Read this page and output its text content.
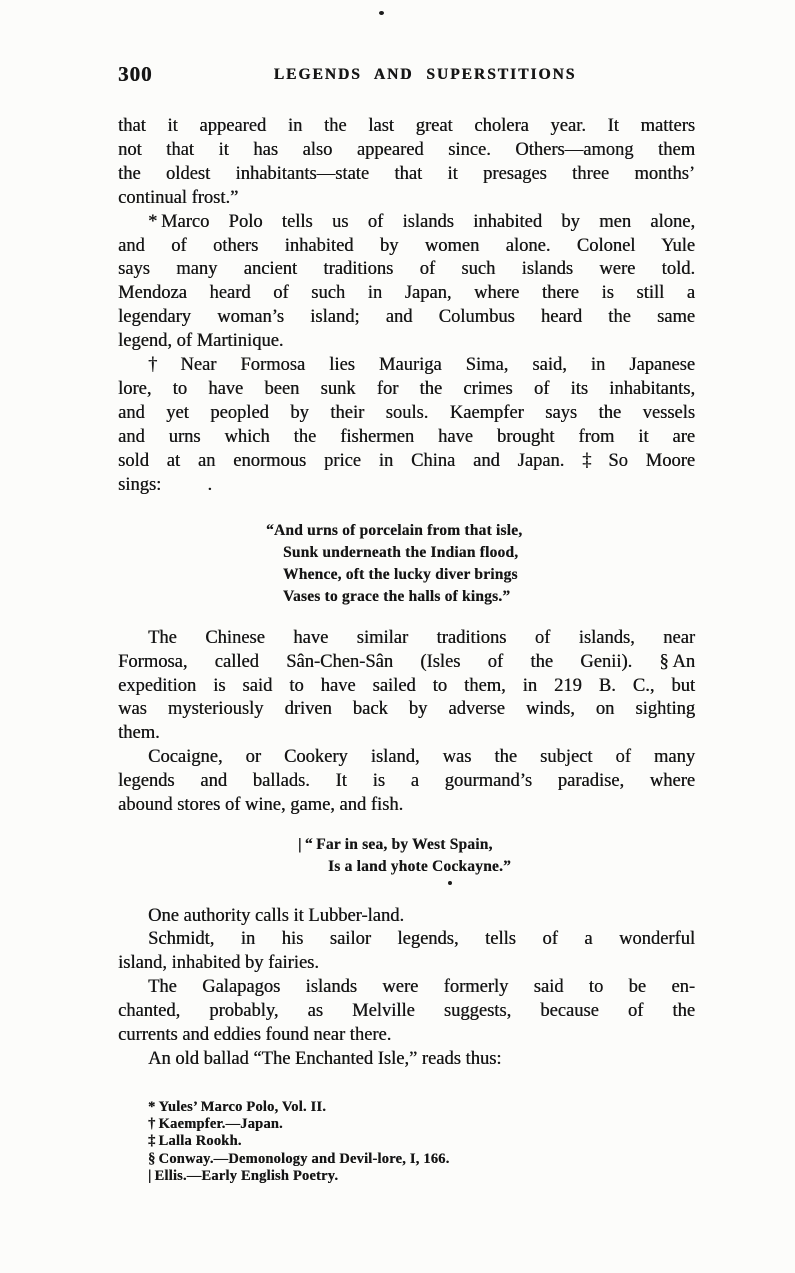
300	LEGENDS AND SUPERSTITIONS
that it appeared in the last great cholera year. It matters
not that it has also appeared since. Others—among them
the oldest inhabitants—state that it presages three months’
continual frost.”
* Marco Polo tells us of islands inhabited by men alone,
and of others inhabited by women alone. Colonel Yule
says many ancient traditions of such islands were told.
Mendoza heard of such in Japan, where there is still a
legendary woman’s island; and Columbus heard the same
legend, of Martinique.
† Near Formosa lies Mauriga Sima, said, in Japanese
lore, to have been sunk for the crimes of its inhabitants,
and yet peopled by their souls. Kaempfer says the vessels
and urns which the fishermen have brought from it are
sold at an enormous price in China and Japan. ‡ So Moore
sings:          .
“And urns of porcelain from that isle,
Sunk underneath the Indian flood,
Whence, oft the lucky diver brings
Vases to grace the halls of kings.”
The Chinese have similar traditions of islands, near
Formosa, called Sân-Chen-Sân (Isles of the Genii). § An
expedition is said to have sailed to them, in 219 B. C., but
was mysteriously driven back by adverse winds, on sighting
them.
Cocaigne, or Cookery island, was the subject of many
legends and ballads. It is a gourmand’s paradise, where
abound stores of wine, game, and fish.
| “ Far in sea, by West Spain,
Is a land yhote Cockayne.”
One authority calls it Lubber-land.
Schmidt, in his sailor legends, tells of a wonderful
island, inhabited by fairies.
The Galapagos islands were formerly said to be en-
chanted, probably, as Melville suggests, because of the
currents and eddies found near there.
An old ballad “The Enchanted Isle,” reads thus:
* Yules’ Marco Polo, Vol. II.
† Kaempfer.—Japan.
‡ Lalla Rookh.
§ Conway.—Demonology and Devil-lore, I, 166.
| Ellis.—Early English Poetry.
